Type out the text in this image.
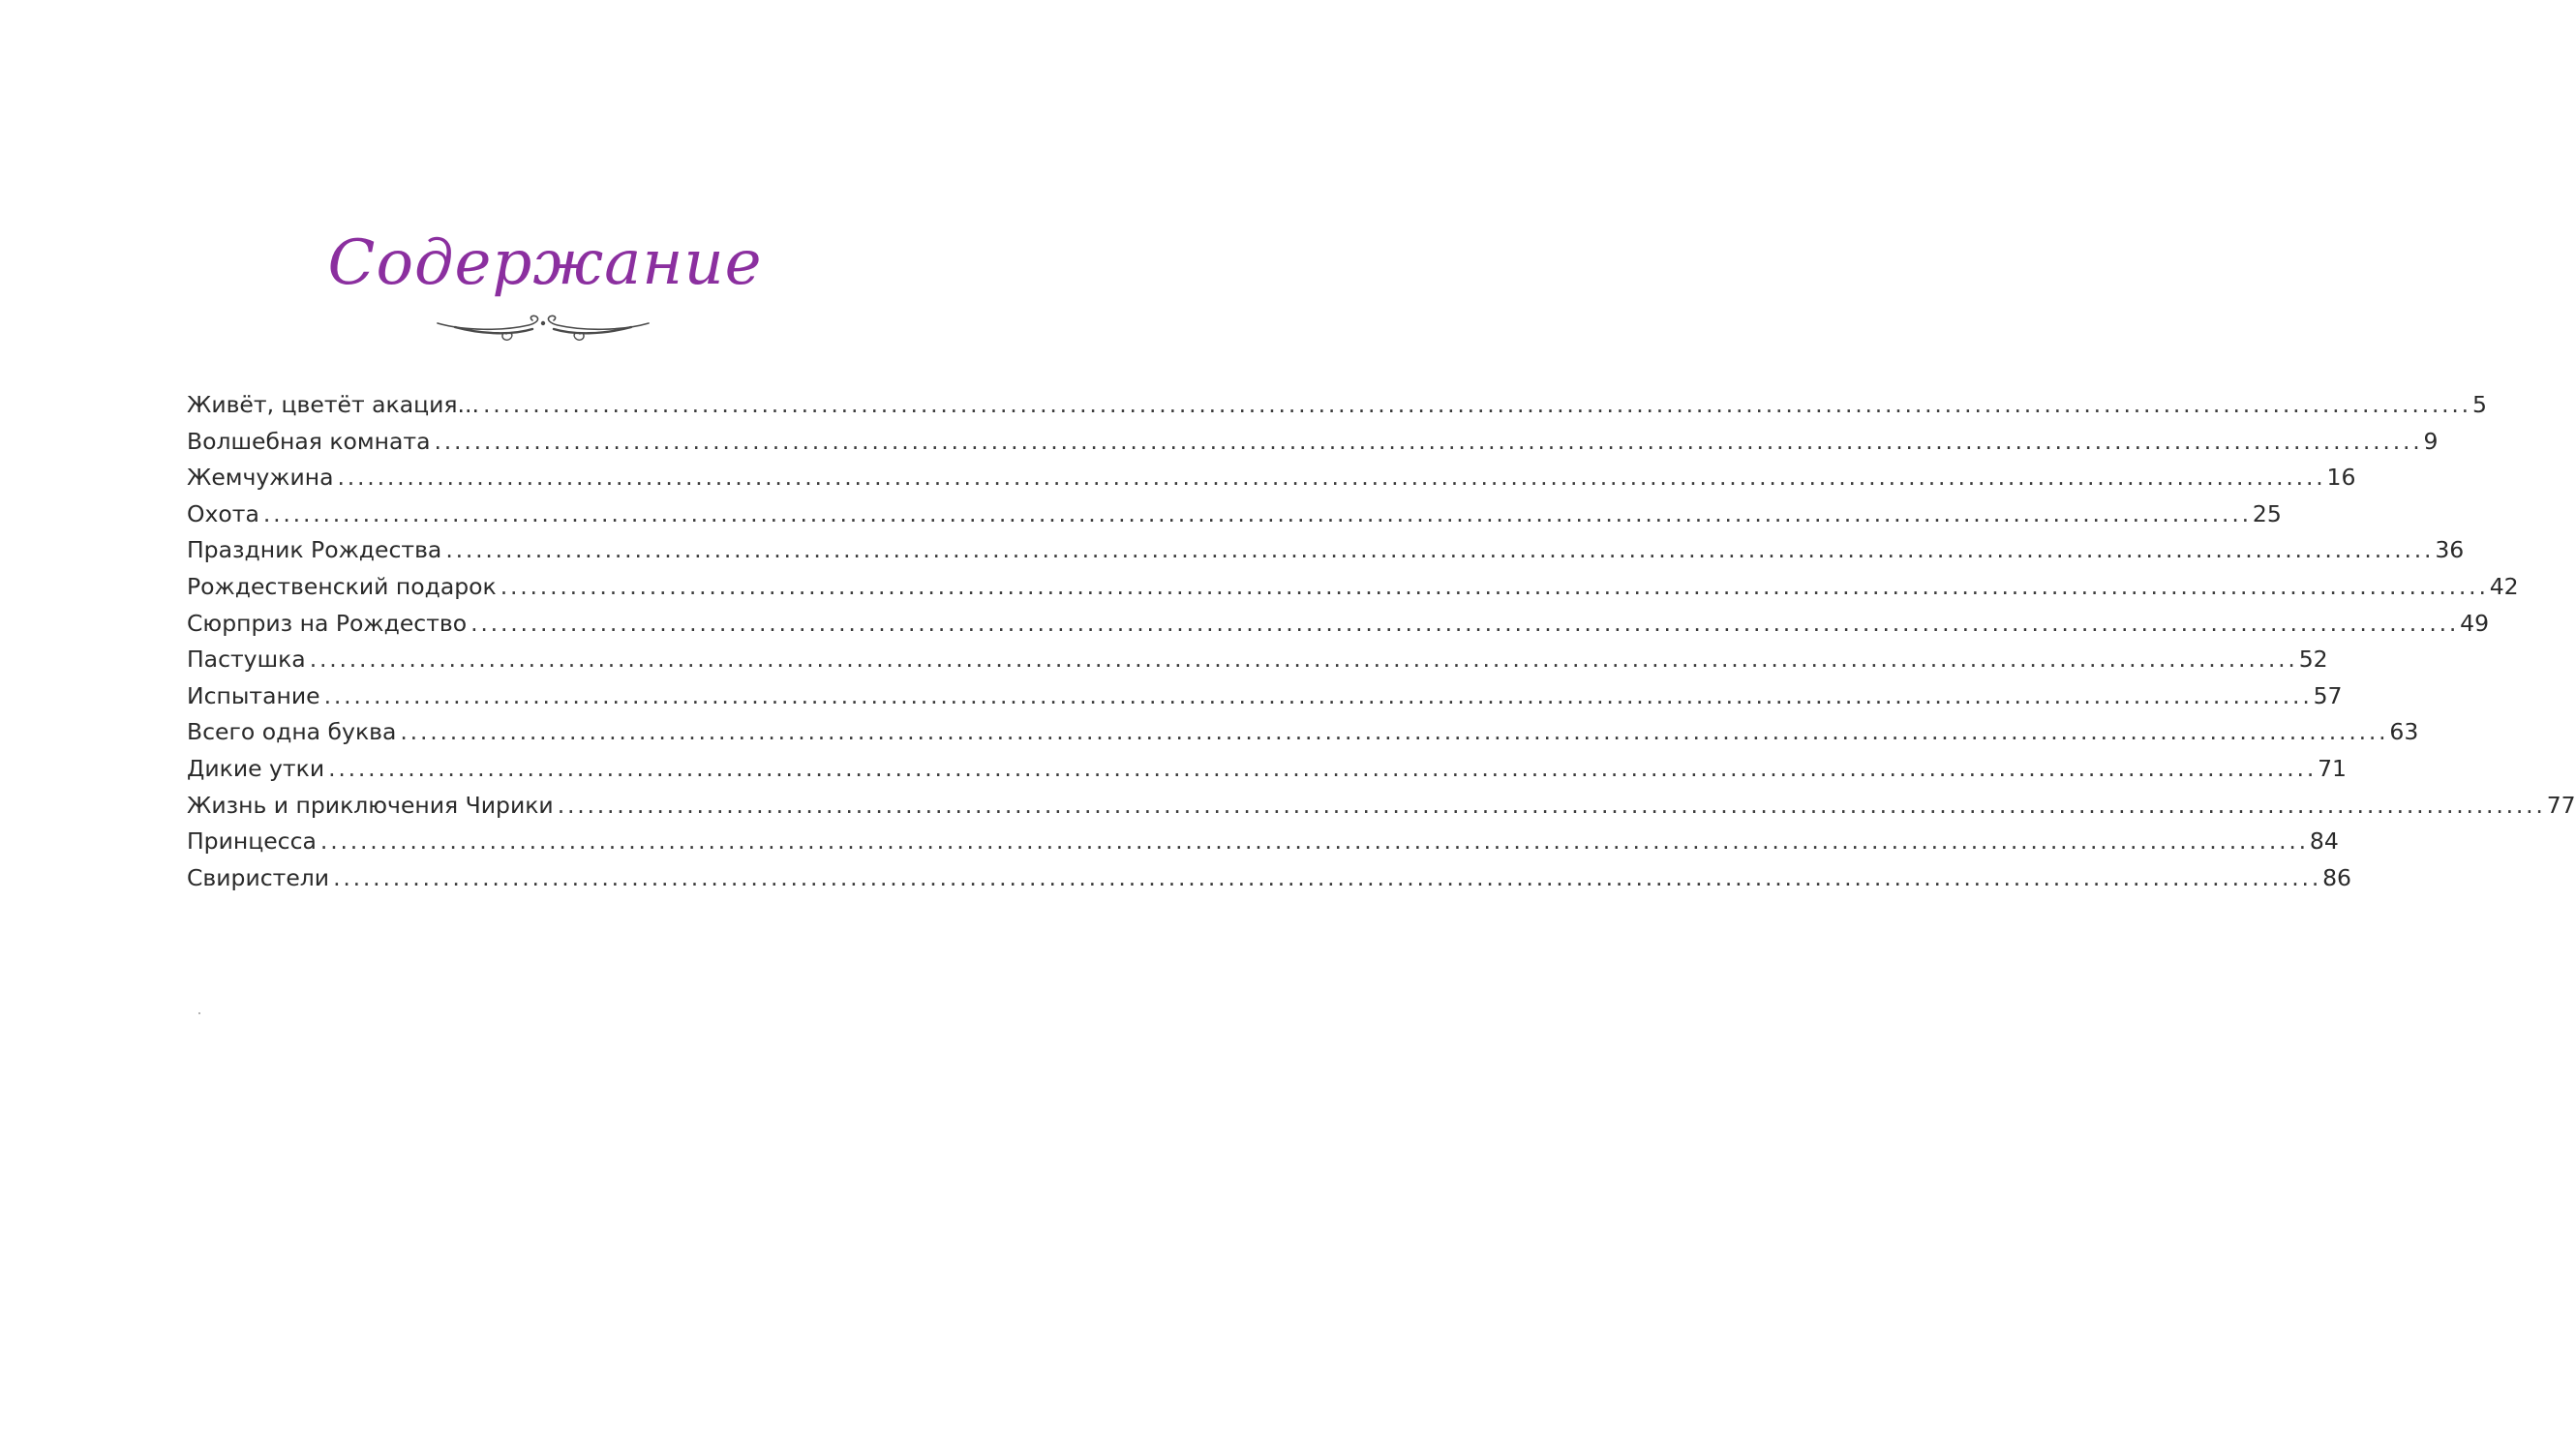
Содержание
Живёт, цветёт акация... ........................................................................................................................................................................................................ 5
Волшебная комната ........................................................................................................................................................................................................ 9
Жемчужина ........................................................................................................................................................................................................ 16
Охота ........................................................................................................................................................................................................ 25
Праздник Рождества ........................................................................................................................................................................................................ 36
Рождественский подарок ........................................................................................................................................................................................................ 42
Сюрприз на Рождество ........................................................................................................................................................................................................ 49
Пастушка ........................................................................................................................................................................................................ 52
Испытание ........................................................................................................................................................................................................ 57
Всего одна буква ........................................................................................................................................................................................................ 63
Дикие утки ........................................................................................................................................................................................................ 71
Жизнь и приключения Чирики ........................................................................................................................................................................................................ 77
Принцесса ........................................................................................................................................................................................................ 84
Свиристели ........................................................................................................................................................................................................ 86
